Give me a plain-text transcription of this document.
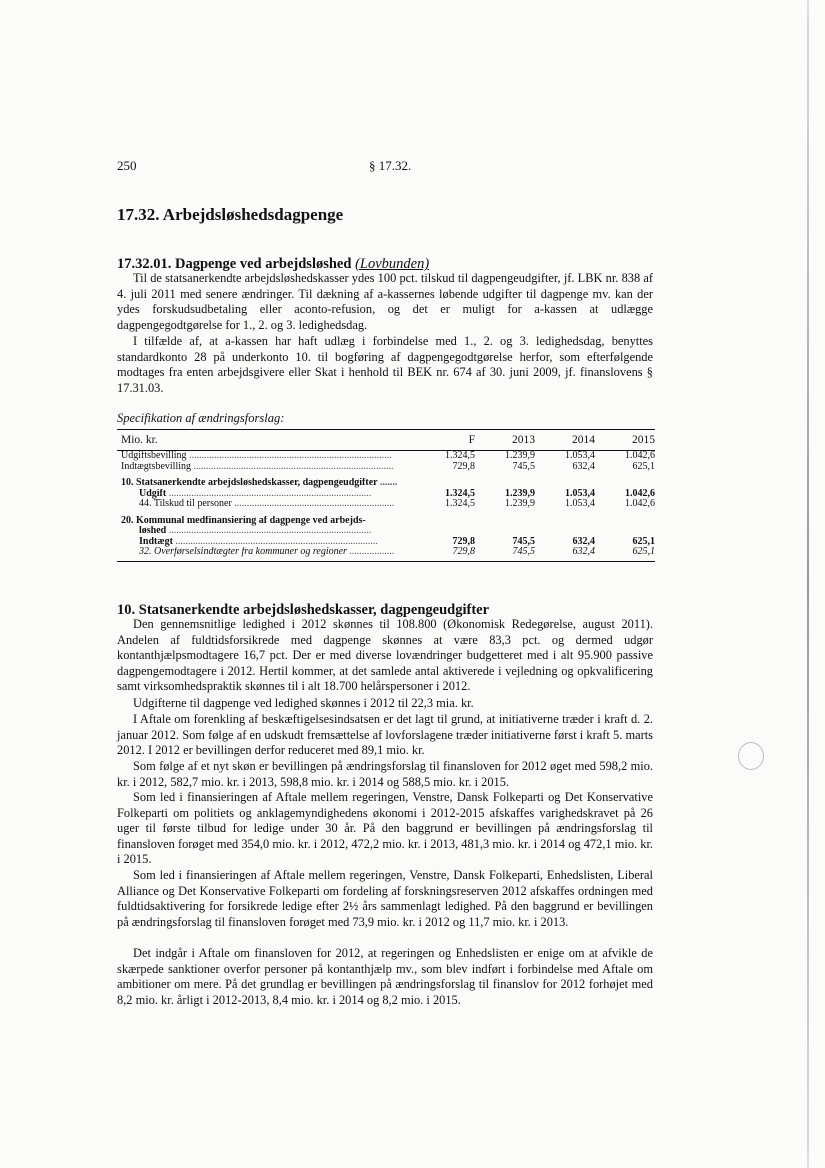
250	§ 17.32.
17.32. Arbejdsløshedsdagpenge
17.32.01. Dagpenge ved arbejdsløshed (Lovbunden)
Til de statsanerkendte arbejdsløshedskasser ydes 100 pct. tilskud til dagpengeudgifter, jf. LBK nr. 838 af 4. juli 2011 med senere ændringer. Til dækning af a-kassernes løbende udgifter til dagpenge mv. kan der ydes forskudsudbetaling eller aconto-refusion, og det er muligt for a-kassen at udlægge dagpengegodtgørelse for 1., 2. og 3. ledighedsdag.
I tilfælde af, at a-kassen har haft udlæg i forbindelse med 1., 2. og 3. ledighedsdag, benyttes standardkonto 28 på underkonto 10. til bogføring af dagpengegodtgørelse herfor, som efterfølgende modtages fra enten arbejdsgivere eller Skat i henhold til BEK nr. 674 af 30. juni 2009, jf. finanslovens § 17.31.03.
Specifikation af ændringsforslag:
Mio. kr.	F	2013	2014	2015
Udgiftsbevilling .................................................................................	1.324,5	1.239,9	1.053,4	1.042,6
Indtægtsbevilling ................................................................................	729,8	745,5	632,4	625,1

10. Statsanerkendte arbejdsløshedskasser, dagpengeudgifter .......				
Udgift .................................................................................	1.324,5	1.239,9	1.053,4	1.042,6
44. Tilskud til personer ................................................................	1.324,5	1.239,9	1.053,4	1.042,6

20. Kommunal medfinansiering af dagpenge ved arbejds-				
løshed .................................................................................				
Indtægt .................................................................................	729,8	745,5	632,4	625,1
32. Overførselsindtægter fra kommuner og regioner ..................	729,8	745,5	632,4	625,1
10. Statsanerkendte arbejdsløshedskasser, dagpengeudgifter
Den gennemsnitlige ledighed i 2012 skønnes til 108.800 (Økonomisk Redegørelse, august 2011). Andelen af fuldtidsforsikrede med dagpenge skønnes at være 83,3 pct. og dermed udgør kontanthjælpsmodtagere 16,7 pct. Der er med diverse lovændringer budgetteret med i alt 95.900 passive dagpengemodtagere i 2012. Hertil kommer, at det samlede antal aktiverede i vejledning og opkvalificering samt virksomhedspraktik skønnes til i alt 18.700 helårspersoner i 2012.
Udgifterne til dagpenge ved ledighed skønnes i 2012 til 22,3 mia. kr.
I Aftale om forenkling af beskæftigelsesindsatsen er det lagt til grund, at initiativerne træder i kraft d. 2. januar 2012. Som følge af en udskudt fremsættelse af lovforslagene træder initiativerne først i kraft 5. marts 2012. I 2012 er bevillingen derfor reduceret med 89,1 mio. kr.
Som følge af et nyt skøn er bevillingen på ændringsforslag til finansloven for 2012 øget med 598,2 mio. kr. i 2012, 582,7 mio. kr. i 2013, 598,8 mio. kr. i 2014 og 588,5 mio. kr. i 2015.
Som led i finansieringen af Aftale mellem regeringen, Venstre, Dansk Folkeparti og Det Konservative Folkeparti om politiets og anklagemyndighedens økonomi i 2012-2015 afskaffes varighedskravet på 26 uger til første tilbud for ledige under 30 år. På den baggrund er bevillingen på ændringsforslag til finansloven forøget med 354,0 mio. kr. i 2012, 472,2 mio. kr. i 2013, 481,3 mio. kr. i 2014 og 472,1 mio. kr. i 2015.
Som led i finansieringen af Aftale mellem regeringen, Venstre, Dansk Folkeparti, Enhedslisten, Liberal Alliance og Det Konservative Folkeparti om fordeling af forskningsreserven 2012 afskaffes ordningen med fuldtidsaktivering for forsikrede ledige efter 2½ års sammenlagt ledighed. På den baggrund er bevillingen på ændringsforslag til finansloven forøget med 73,9 mio. kr. i 2012 og 11,7 mio. kr. i 2013.
Det indgår i Aftale om finansloven for 2012, at regeringen og Enhedslisten er enige om at afvikle de skærpede sanktioner overfor personer på kontanthjælp mv., som blev indført i forbindelse med Aftale om ambitioner om mere. På det grundlag er bevillingen på ændringsforslag til finanslov for 2012 forhøjet med 8,2 mio. kr. årligt i 2012-2013, 8,4 mio. kr. i 2014 og 8,2 mio. i 2015.
